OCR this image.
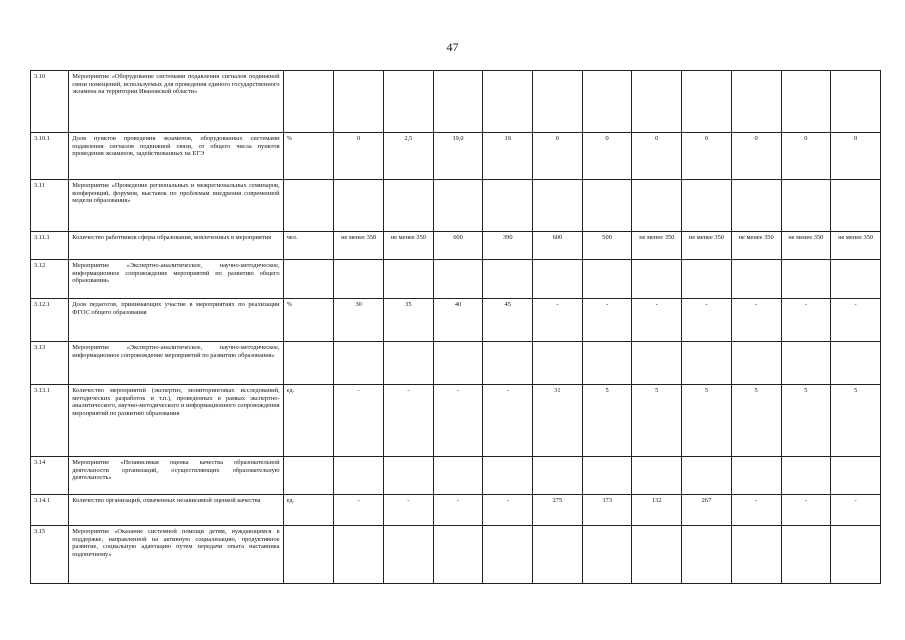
47
3.10	Мероприятие «Оборудование системами подавления сигналов подвижной связи помещений, используемых для проведения единого государственного экзамена на территории Ивановской области»												
3.10.1	Доля пунктов проведения экзаменов, оборудованных системами подавления сигналов подвижной связи, от общего числа пунктов проведения экзаменов, задействованных на ЕГЭ	%	0	2,5	19,0	19	0	0	0	0	0	0	0
3.11	Мероприятие «Проведение региональных и межрегиональных семинаров, конференций, форумов, выставок по проблемам внедрения современной модели образования»												
3.11.1	Количество работников сферы образования, вовлеченных в мероприятия	чел.	не менее 350	не менее 350	600	390	600	500	не менее 350	не менее 350	не менее 350	не менее 350	не менее 350
3.12	Мероприятие «Экспертно-аналитическое, научно-методическое, информационное сопровождение мероприятий по развитию общего образования»												
3.12.1	Доля педагогов, принимающих участие в мероприятиях по реализации ФГОС общего образования	%	30	35	40	45	-	-	-	-	-	-	-
3.13	Мероприятие «Экспертно-аналитическое, научно-методическое, информационное сопровождение мероприятий по развитию образования»												
3.13.1	Количество мероприятий (экспертиз, мониторинговых исследований, методических разработок и т.п.), проведенных в рамках экспертно-аналитического, научно-методического и информационного сопровождения мероприятий по развитию образования	ед.	-	-	-	-	31	5	5	5	5	5	5
3.14	Мероприятие «Независимая оценка качества образовательной деятельности организаций, осуществляющих образовательную деятельность»												
3.14.1	Количество организаций, охваченных независимой оценкой качества	ед.	-	-	-	-	275	373	132	267	-	-	-
3.15	Мероприятие «Оказание системной помощи детям, нуждающимся в поддержке, направленной на активную социализацию, продуктивное развитие, социальную адаптацию путем передачи опыта наставника подопечному»												
